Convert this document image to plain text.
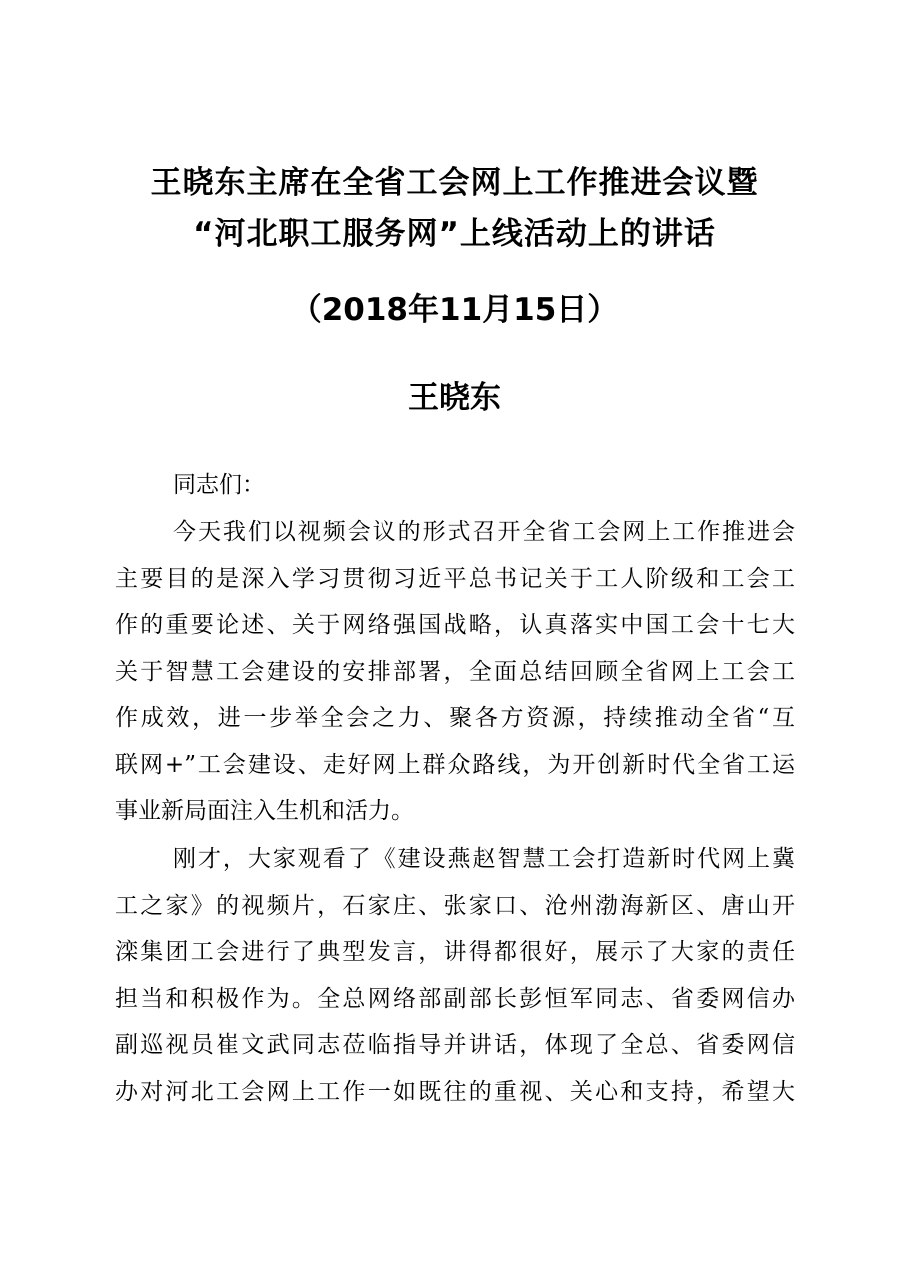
王晓东主席在全省工会网上工作推进会议暨
“河北职工服务网”上线活动上的讲话
（2018年11月15日）
王晓东
同志们：
今天我们以视频会议的形式召开全省工会网上工作推进会
主要目的是深入学习贯彻习近平总书记关于工人阶级和工会工
作的重要论述、关于网络强国战略，认真落实中国工会十七大
关于智慧工会建设的安排部署，全面总结回顾全省网上工会工
作成效，进一步举全会之力、聚各方资源，持续推动全省“互
联网+”工会建设、走好网上群众路线，为开创新时代全省工运
事业新局面注入生机和活力。
刚才，大家观看了《建设燕赵智慧工会打造新时代网上冀
工之家》的视频片，石家庄、张家口、沧州渤海新区、唐山开
滦集团工会进行了典型发言，讲得都很好，展示了大家的责任
担当和积极作为。全总网络部副部长彭恒军同志、省委网信办
副巡视员崔文武同志莅临指导并讲话，体现了全总、省委网信
办对河北工会网上工作一如既往的重视、关心和支持，希望大
